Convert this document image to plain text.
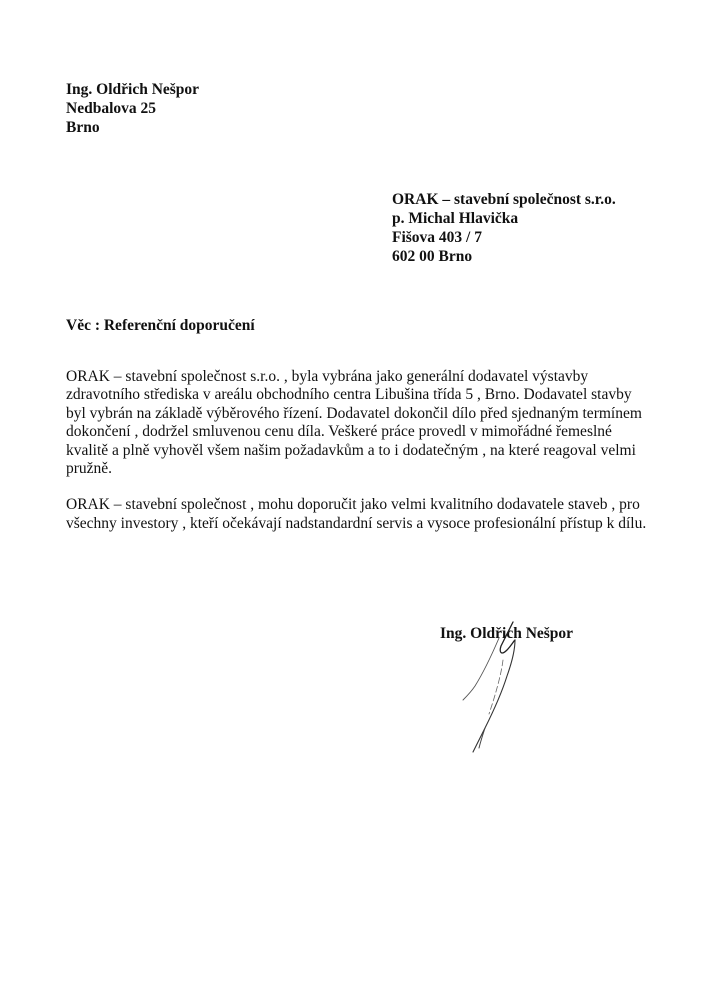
Ing. Oldřich Nešpor
Nedbalova 25
Brno
ORAK – stavební společnost s.r.o.
p. Michal Hlavička
Fišova 403 / 7
602 00 Brno
Věc : Referenční doporučení

ORAK – stavební společnost s.r.o. , byla vybrána jako generální dodavatel výstavby
zdravotního střediska v areálu obchodního centra Libušina třída 5 , Brno. Dodavatel stavby
byl vybrán na základě výběrového řízení. Dodavatel dokončil dílo před sjednaným termínem
dokončení , dodržel smluvenou cenu díla. Veškeré práce provedl v mimořádné řemeslné
kvalitě a plně vyhověl všem našim požadavkům a to i dodatečným , na které reagoval velmi
pružně.

ORAK – stavební společnost , mohu doporučit jako velmi kvalitního dodavatele staveb , pro
všechny investory , kteří očekávají nadstandardní servis a vysoce profesionální přístup k dílu.

Ing. Oldřich Nešpor
